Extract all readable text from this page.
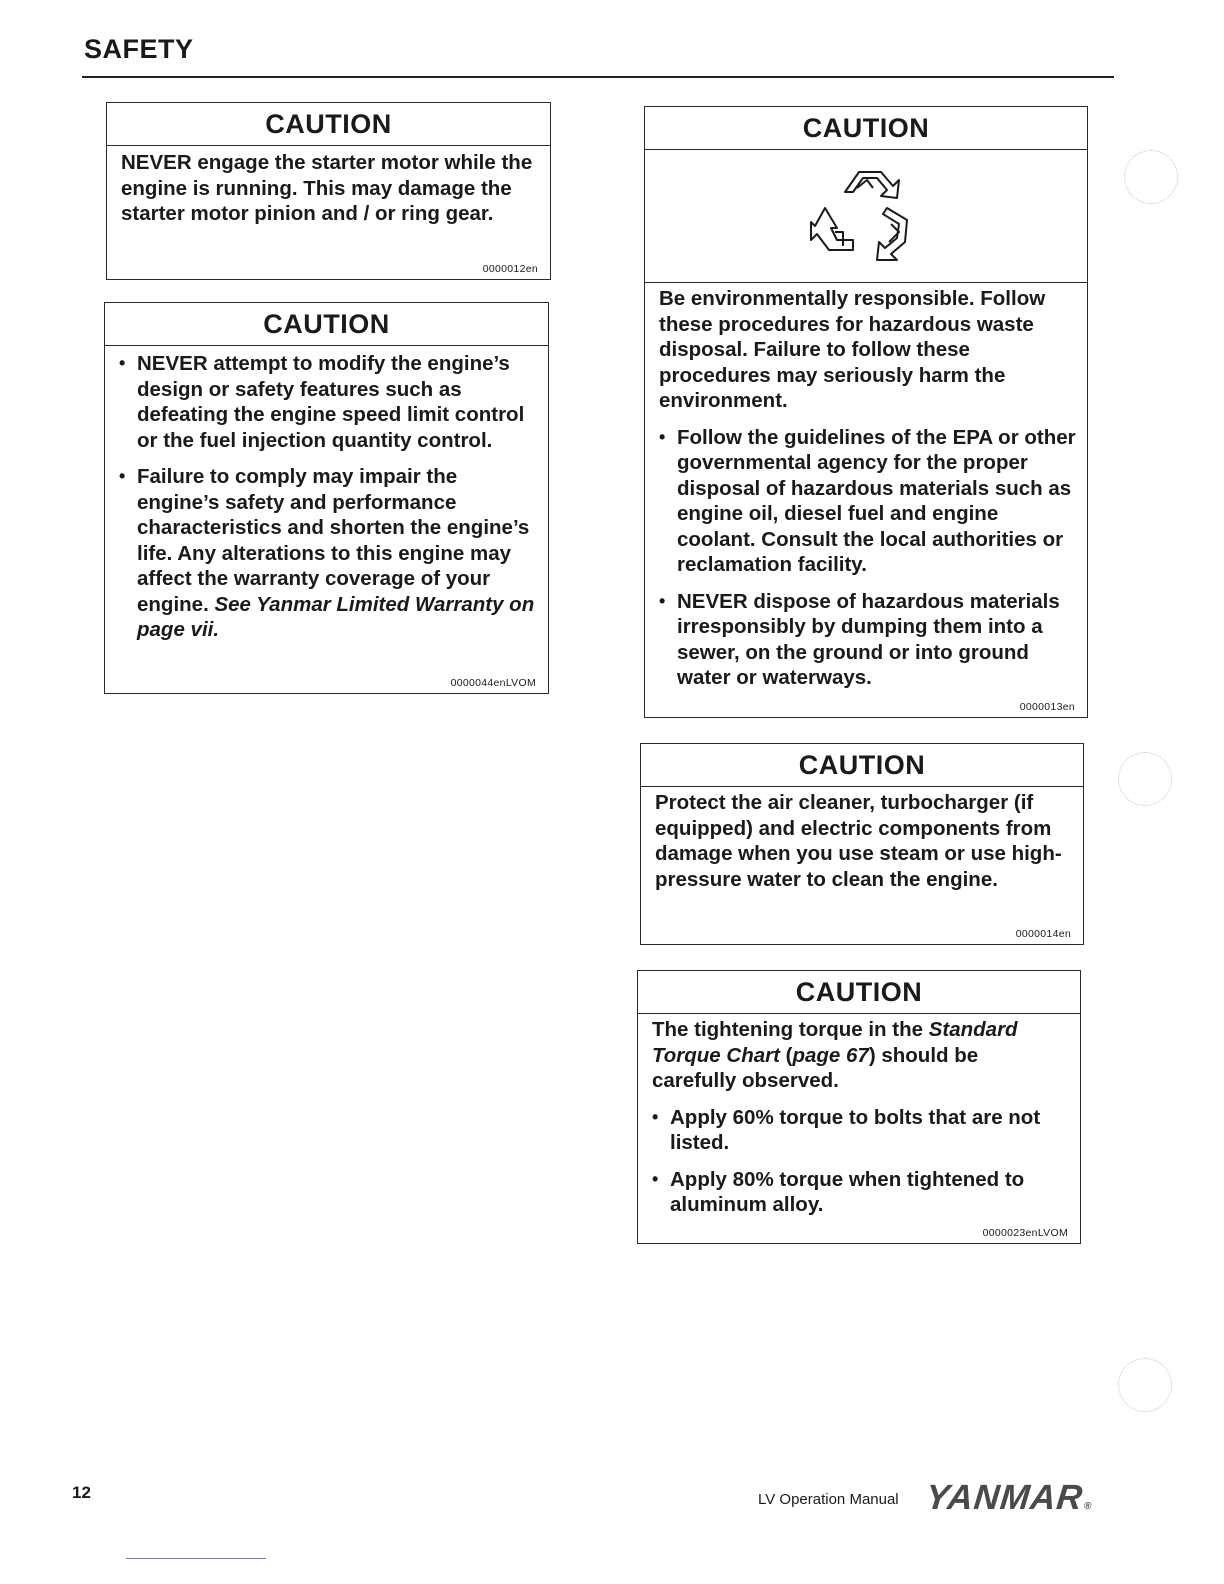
SAFETY
CAUTION

NEVER engage the starter motor while the engine is running. This may damage the starter motor pinion and / or ring gear.

0000012en
CAUTION
• NEVER attempt to modify the engine’s design or safety features such as defeating the engine speed limit control or the fuel injection quantity control.
• Failure to comply may impair the engine’s safety and performance characteristics and shorten the engine’s life. Any alterations to this engine may affect the warranty coverage of your engine. See Yanmar Limited Warranty on page vii.
0000044enLVOM
CAUTION

Be environmentally responsible. Follow these procedures for hazardous waste disposal. Failure to follow these procedures may seriously harm the environment.

• Follow the guidelines of the EPA or other governmental agency for the proper disposal of hazardous materials such as engine oil, diesel fuel and engine coolant. Consult the local authorities or reclamation facility.
• NEVER dispose of hazardous materials irresponsibly by dumping them into a sewer, on the ground or into ground water or waterways.
0000013en
CAUTION

Protect the air cleaner, turbocharger (if equipped) and electric components from damage when you use steam or use high-pressure water to clean the engine.

0000014en
CAUTION

The tightening torque in the Standard Torque Chart (page 67) should be carefully observed.

• Apply 60% torque to bolts that are not listed.
• Apply 80% torque when tightened to aluminum alloy.
0000023enLVOM
12	LV Operation Manual YANMAR®
